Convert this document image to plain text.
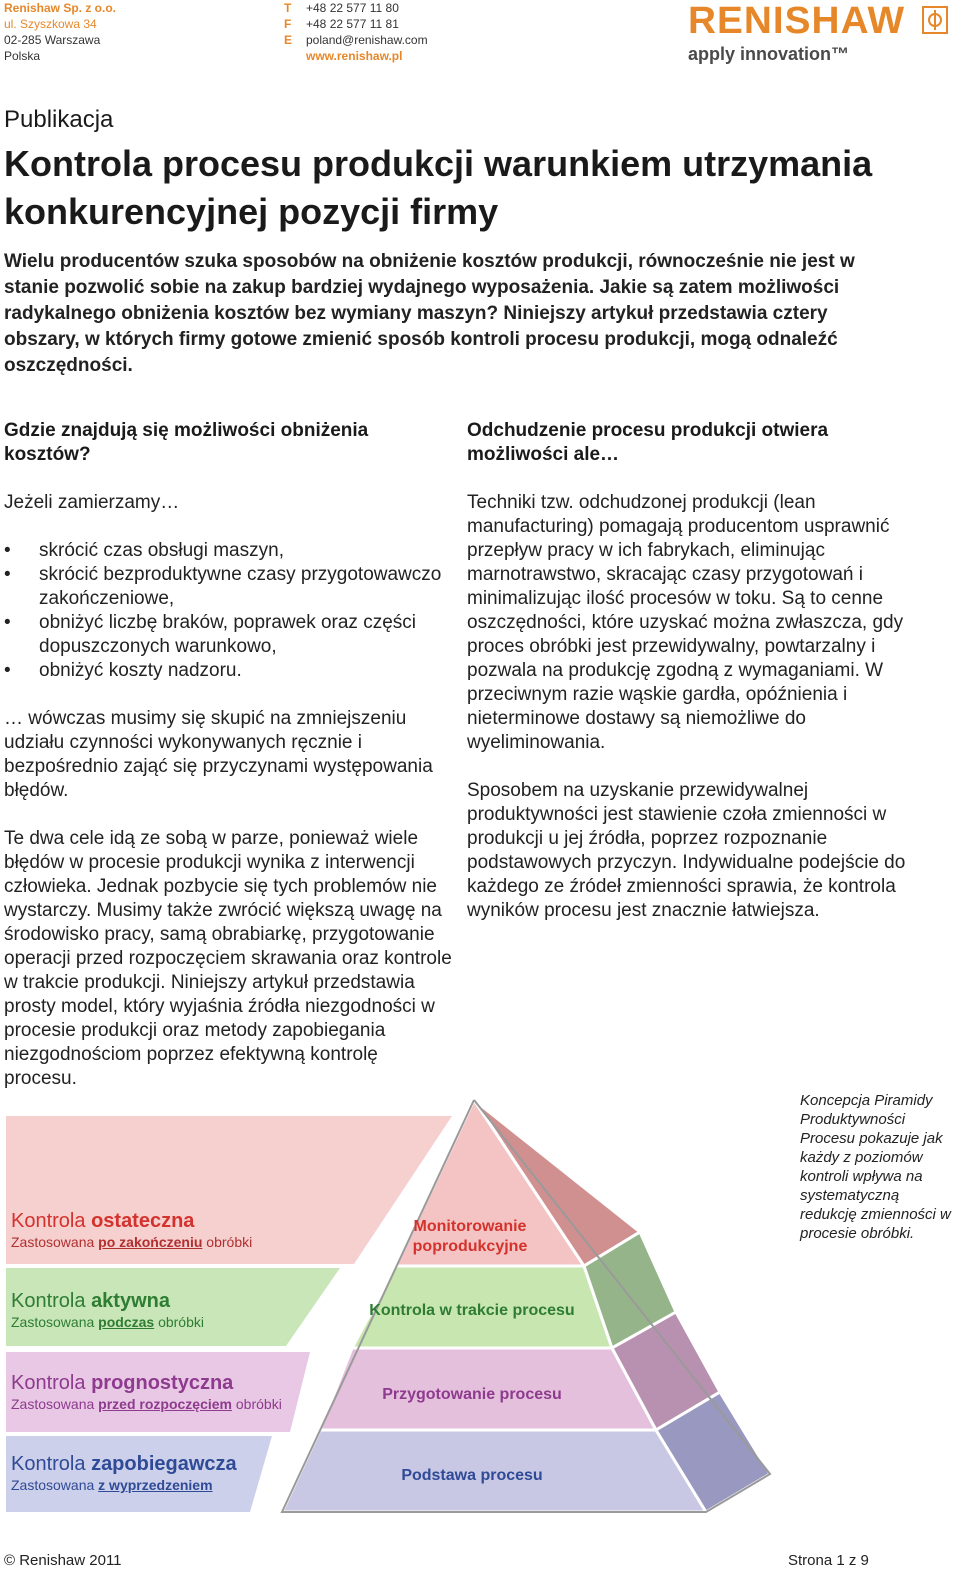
Renishaw Sp. z o.o.
ul. Szyszkowa 34
02-285 Warszawa
Polska
T +48 22 577 11 80
F +48 22 577 11 81
E poland@renishaw.com
www.renishaw.pl
RENISHAW
apply innovation™
Publikacja
Kontrola procesu produkcji warunkiem utrzymania konkurencyjnej pozycji firmy
Wielu producentów szuka sposobów na obniżenie kosztów produkcji, równocześnie nie jest w stanie pozwolić sobie na zakup bardziej wydajnego wyposażenia. Jakie są zatem możliwości radykalnego obniżenia kosztów bez wymiany maszyn? Niniejszy artykuł przedstawia cztery obszary, w których firmy gotowe zmienić sposób kontroli procesu produkcji, mogą odnaleźć oszczędności.
Gdzie znajdują się możliwości obniżenia kosztów?
Jeżeli zamierzamy…
• skrócić czas obsługi maszyn,
• skrócić bezproduktywne czasy przygotowawczo zakończeniowe,
• obniżyć liczbę braków, poprawek oraz części dopuszczonych warunkowo,
• obniżyć koszty nadzoru.
… wówczas musimy się skupić na zmniejszeniu udziału czynności wykonywanych ręcznie i bezpośrednio zająć się przyczynami występowania błędów.
Te dwa cele idą ze sobą w parze, ponieważ wiele błędów w procesie produkcji wynika z interwencji człowieka. Jednak pozbycie się tych problemów nie wystarczy. Musimy także zwrócić większą uwagę na środowisko pracy, samą obrabiarkę, przygotowanie operacji przed rozpoczęciem skrawania oraz kontrole w trakcie produkcji. Niniejszy artykuł przedstawia prosty model, który wyjaśnia źródła niezgodności w procesie produkcji oraz metody zapobiegania niezgodnościom poprzez efektywną kontrolę procesu.
Odchudzenie procesu produkcji otwiera możliwości ale…
Techniki tzw. odchudzonej produkcji (lean manufacturing) pomagają producentom usprawnić przepływ pracy w ich fabrykach, eliminując marnotrawstwo, skracając czasy przygotowań i minimalizując ilość procesów w toku. Są to cenne oszczędności, które uzyskać można zwłaszcza, gdy proces obróbki jest przewidywalny, powtarzalny i pozwala na produkcję zgodną z wymaganiami. W przeciwnym razie wąskie gardła, opóźnienia i nieterminowe dostawy są niemożliwe do wyeliminowania.
Sposobem na uzyskanie przewidywalnej produktywności jest stawienie czoła zmienności w produkcji u jej źródła, poprzez rozpoznanie podstawowych przyczyn. Indywidualne podejście do każdego ze źródeł zmienności sprawia, że kontrola wyników procesu jest znacznie łatwiejsza.
Kontrola ostateczna
Zastosowana po zakończeniu obróbki
Kontrola aktywna
Zastosowana podczas obróbki
Kontrola prognostyczna
Zastosowana przed rozpoczęciem obróbki
Kontrola zapobiegawcza
Zastosowana z wyprzedzeniem
Monitorowanie poprodukcyjne
Kontrola w trakcie procesu
Przygotowanie procesu
Podstawa procesu
Koncepcja Piramidy Produktywności Procesu pokazuje jak każdy z poziomów kontroli wpływa na systematyczną redukcję zmienności w procesie obróbki.
© Renishaw 2011	Strona 1 z 9
